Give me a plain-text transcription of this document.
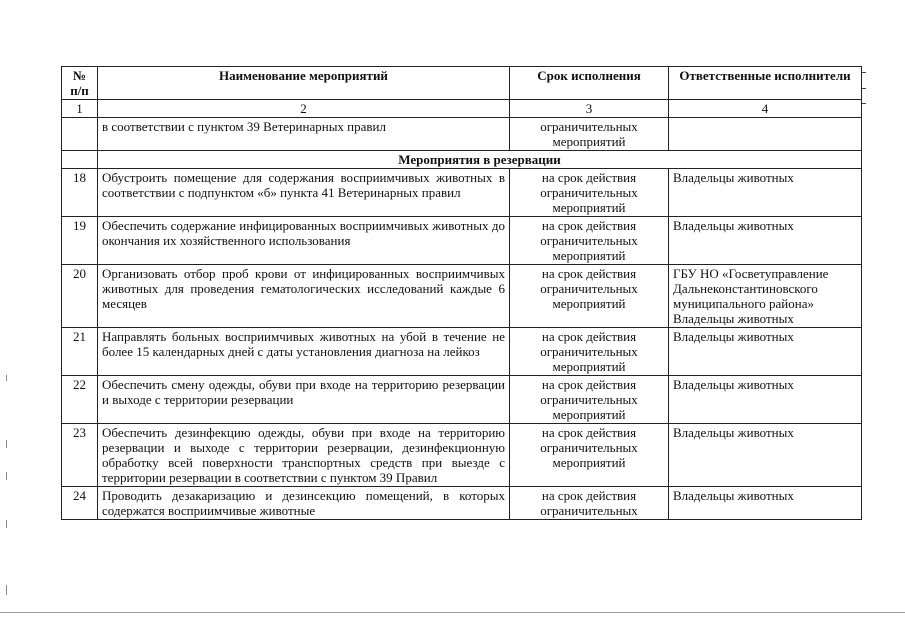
№ п/п	Наименование мероприятий	Срок исполнения	Ответственные исполнители
1	2	3	4
	в соответствии с пунктом 39 Ветеринарных правил	ограничительных мероприятий	
	Мероприятия в резервации		
18	Обустроить помещение для содержания восприимчивых животных в соответствии с подпунктом «б» пункта 41 Ветеринарных правил	на срок действия ограничительных мероприятий	Владельцы животных
19	Обеспечить содержание инфицированных восприимчивых животных до окончания их хозяйственного использования	на срок действия ограничительных мероприятий	Владельцы животных
20	Организовать отбор проб крови от инфицированных восприимчивых животных для проведения гематологических исследований каждые 6 месяцев	на срок действия ограничительных мероприятий	ГБУ НО «Госветуправление Дальнеконстантиновского муниципального района» Владельцы животных
21	Направлять больных восприимчивых животных на убой в течение не более 15 календарных дней с даты установления диагноза на лейкоз	на срок действия ограничительных мероприятий	Владельцы животных
22	Обеспечить смену одежды, обуви при входе на территорию резервации и выходе с территории резервации	на срок действия ограничительных мероприятий	Владельцы животных
23	Обеспечить дезинфекцию одежды, обуви при входе на территорию резервации и выходе с территории резервации, дезинфекционную обработку всей поверхности транспортных средств при выезде с территории резервации в соответствии с пунктом 39 Правил	на срок действия ограничительных мероприятий	Владельцы животных
24	Проводить дезакаризацию и дезинсекцию помещений, в которых содержатся восприимчивые животные	на срок действия ограничительных	Владельцы животных
